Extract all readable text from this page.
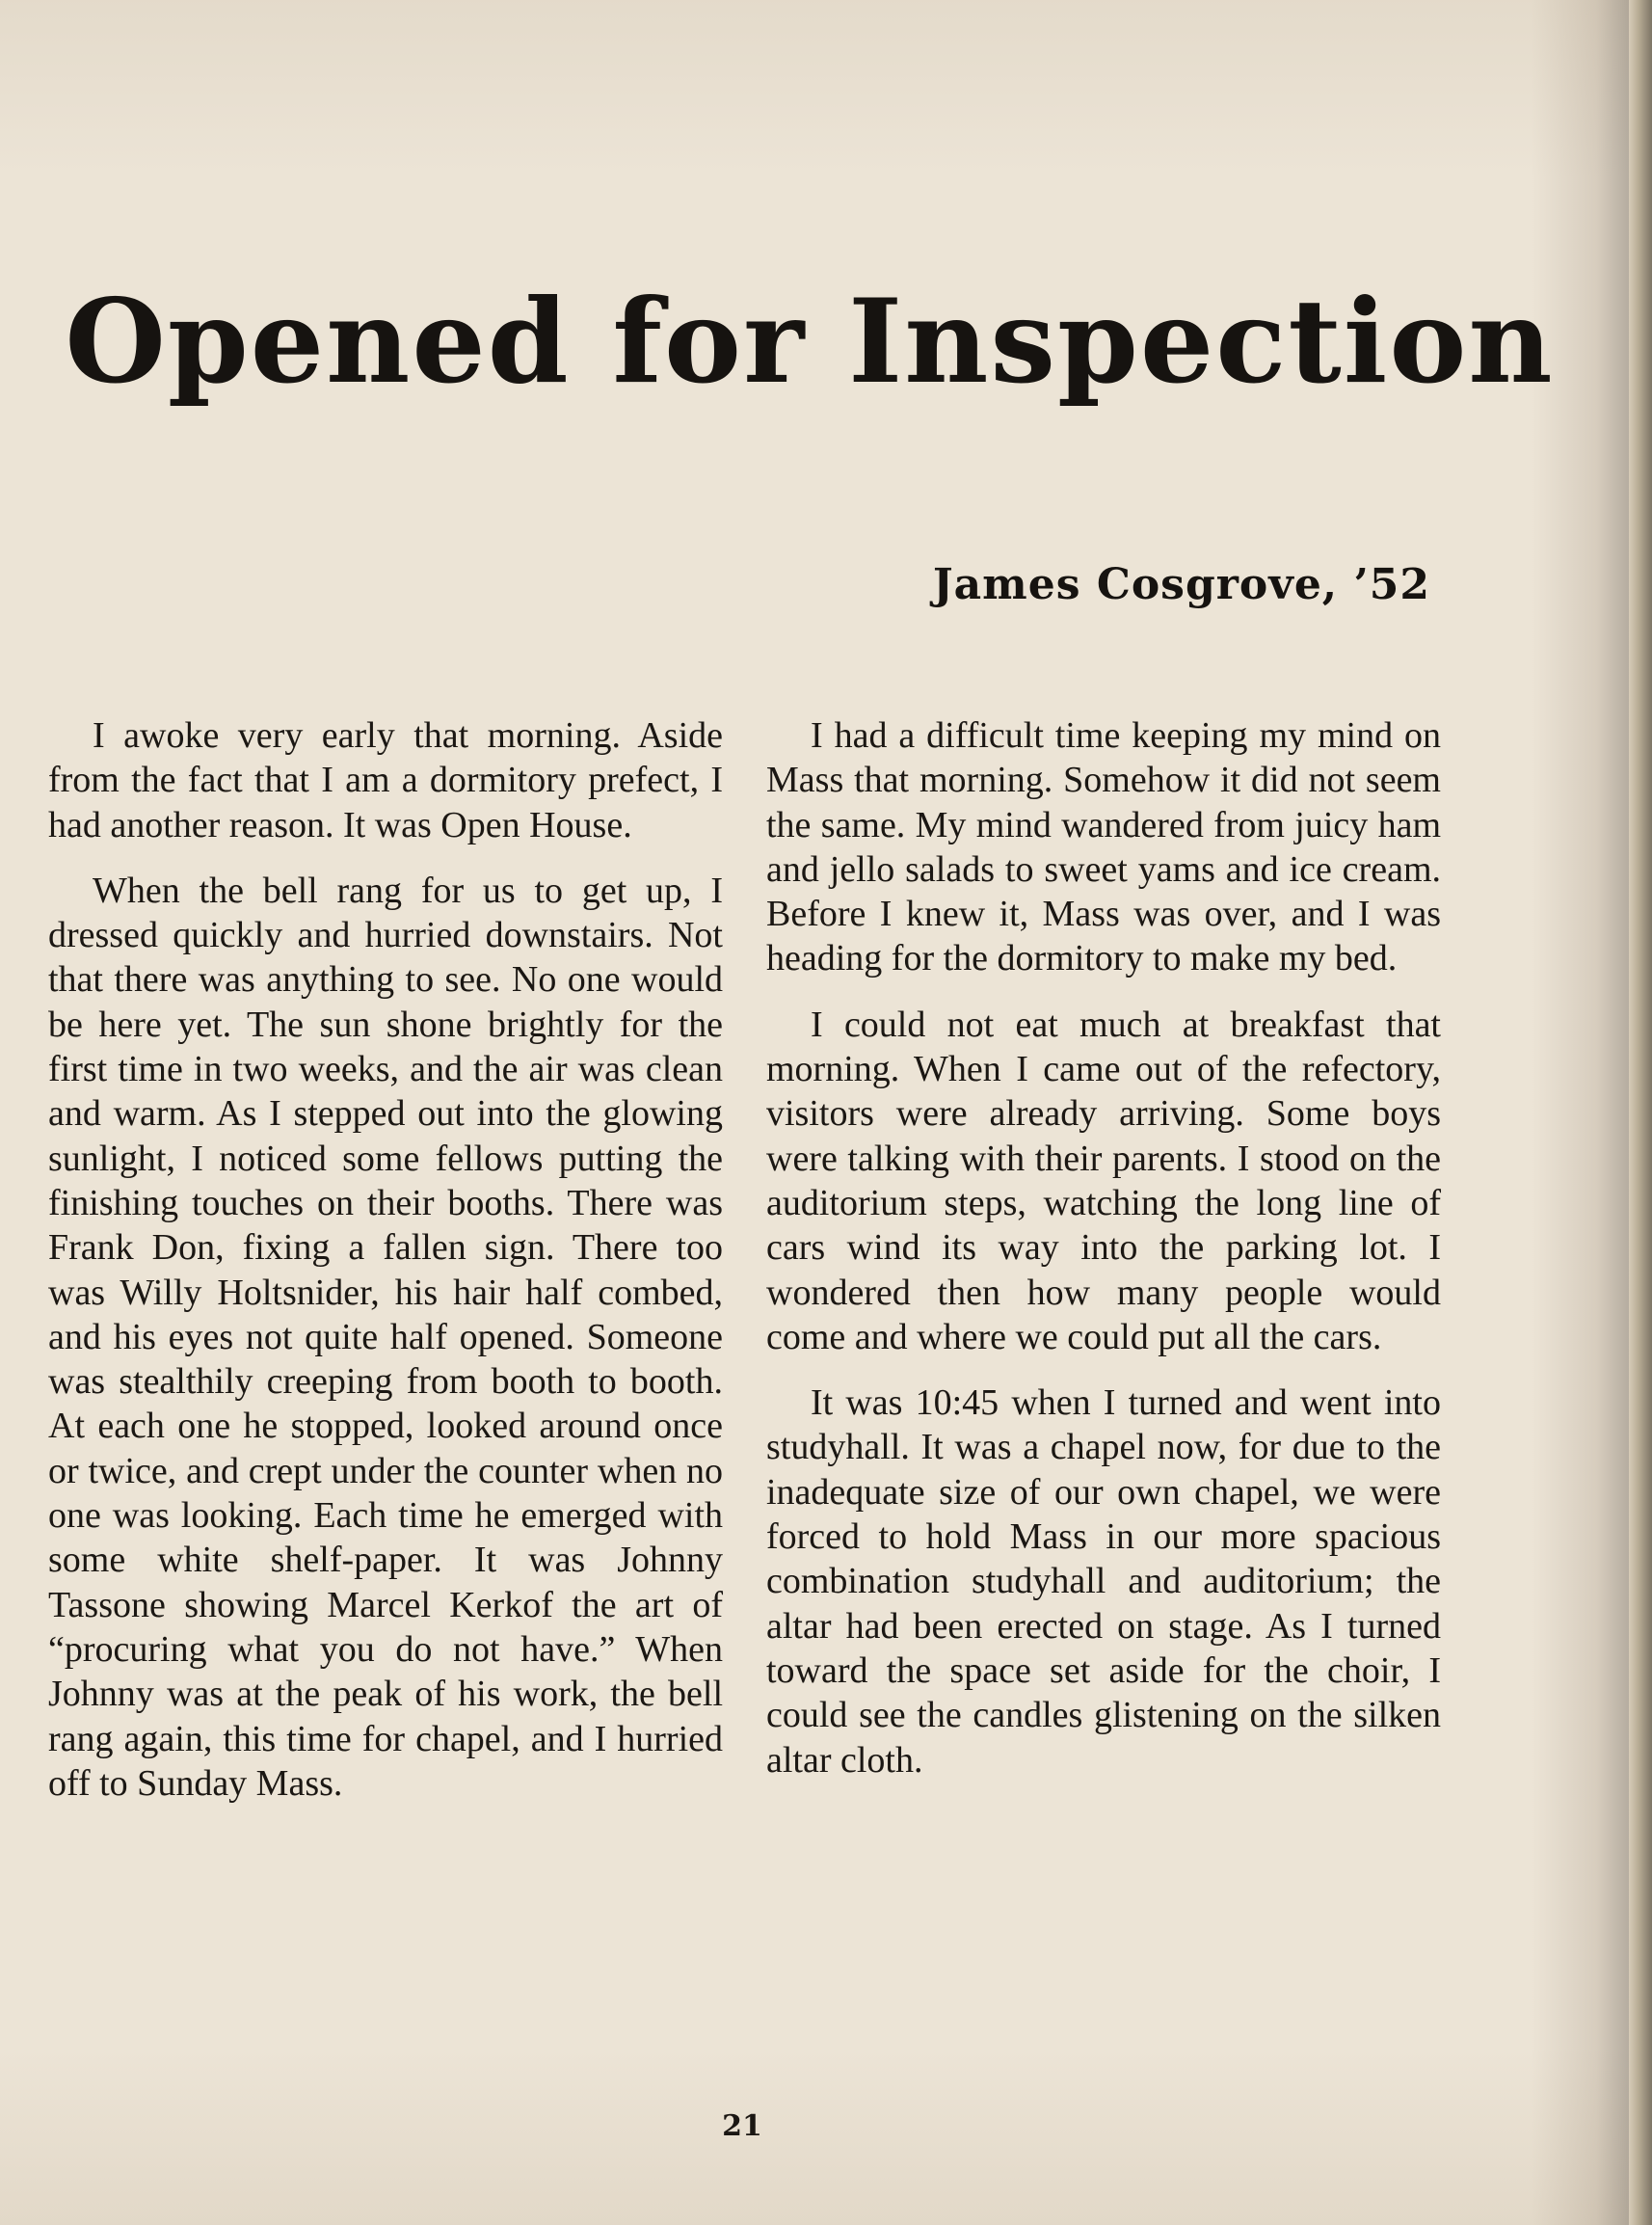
Opened for Inspection
James Cosgrove, ’52

I awoke very early that morning. Aside from the fact that I am a dormitory prefect, I had another reason. It was Open House.

When the bell rang for us to get up, I dressed quickly and hurried downstairs. Not that there was anything to see. No one would be here yet. The sun shone brightly for the first time in two weeks, and the air was clean and warm. As I stepped out into the glowing sunlight, I noticed some fellows putting the finishing touches on their booths. There was Frank Don, fixing a fallen sign. There too was Willy Holtsnider, his hair half combed, and his eyes not quite half opened. Someone was stealthily creeping from booth to booth. At each one he stopped, looked around once or twice, and crept under the counter when no one was looking. Each time he emerged with some white shelf-paper. It was Johnny Tassone showing Marcel Kerkof the art of “procuring what you do not have.” When Johnny was at the peak of his work, the bell rang again, this time for chapel, and I hurried off to Sunday Mass.

I had a difficult time keeping my mind on Mass that morning. Somehow it did not seem the same. My mind wandered from juicy ham and jello salads to sweet yams and ice cream. Before I knew it, Mass was over, and I was heading for the dormitory to make my bed.

I could not eat much at breakfast that morning. When I came out of the refectory, visitors were already arriving. Some boys were talking with their parents. I stood on the auditorium steps, watching the long line of cars wind its way into the parking lot. I wondered then how many people would come and where we could put all the cars.

It was 10:45 when I turned and went into studyhall. It was a chapel now, for due to the inadequate size of our own chapel, we were forced to hold Mass in our more spacious combination studyhall and auditorium; the altar had been erected on stage. As I turned toward the space set aside for the choir, I could see the candles glistening on the silken altar cloth.

21
